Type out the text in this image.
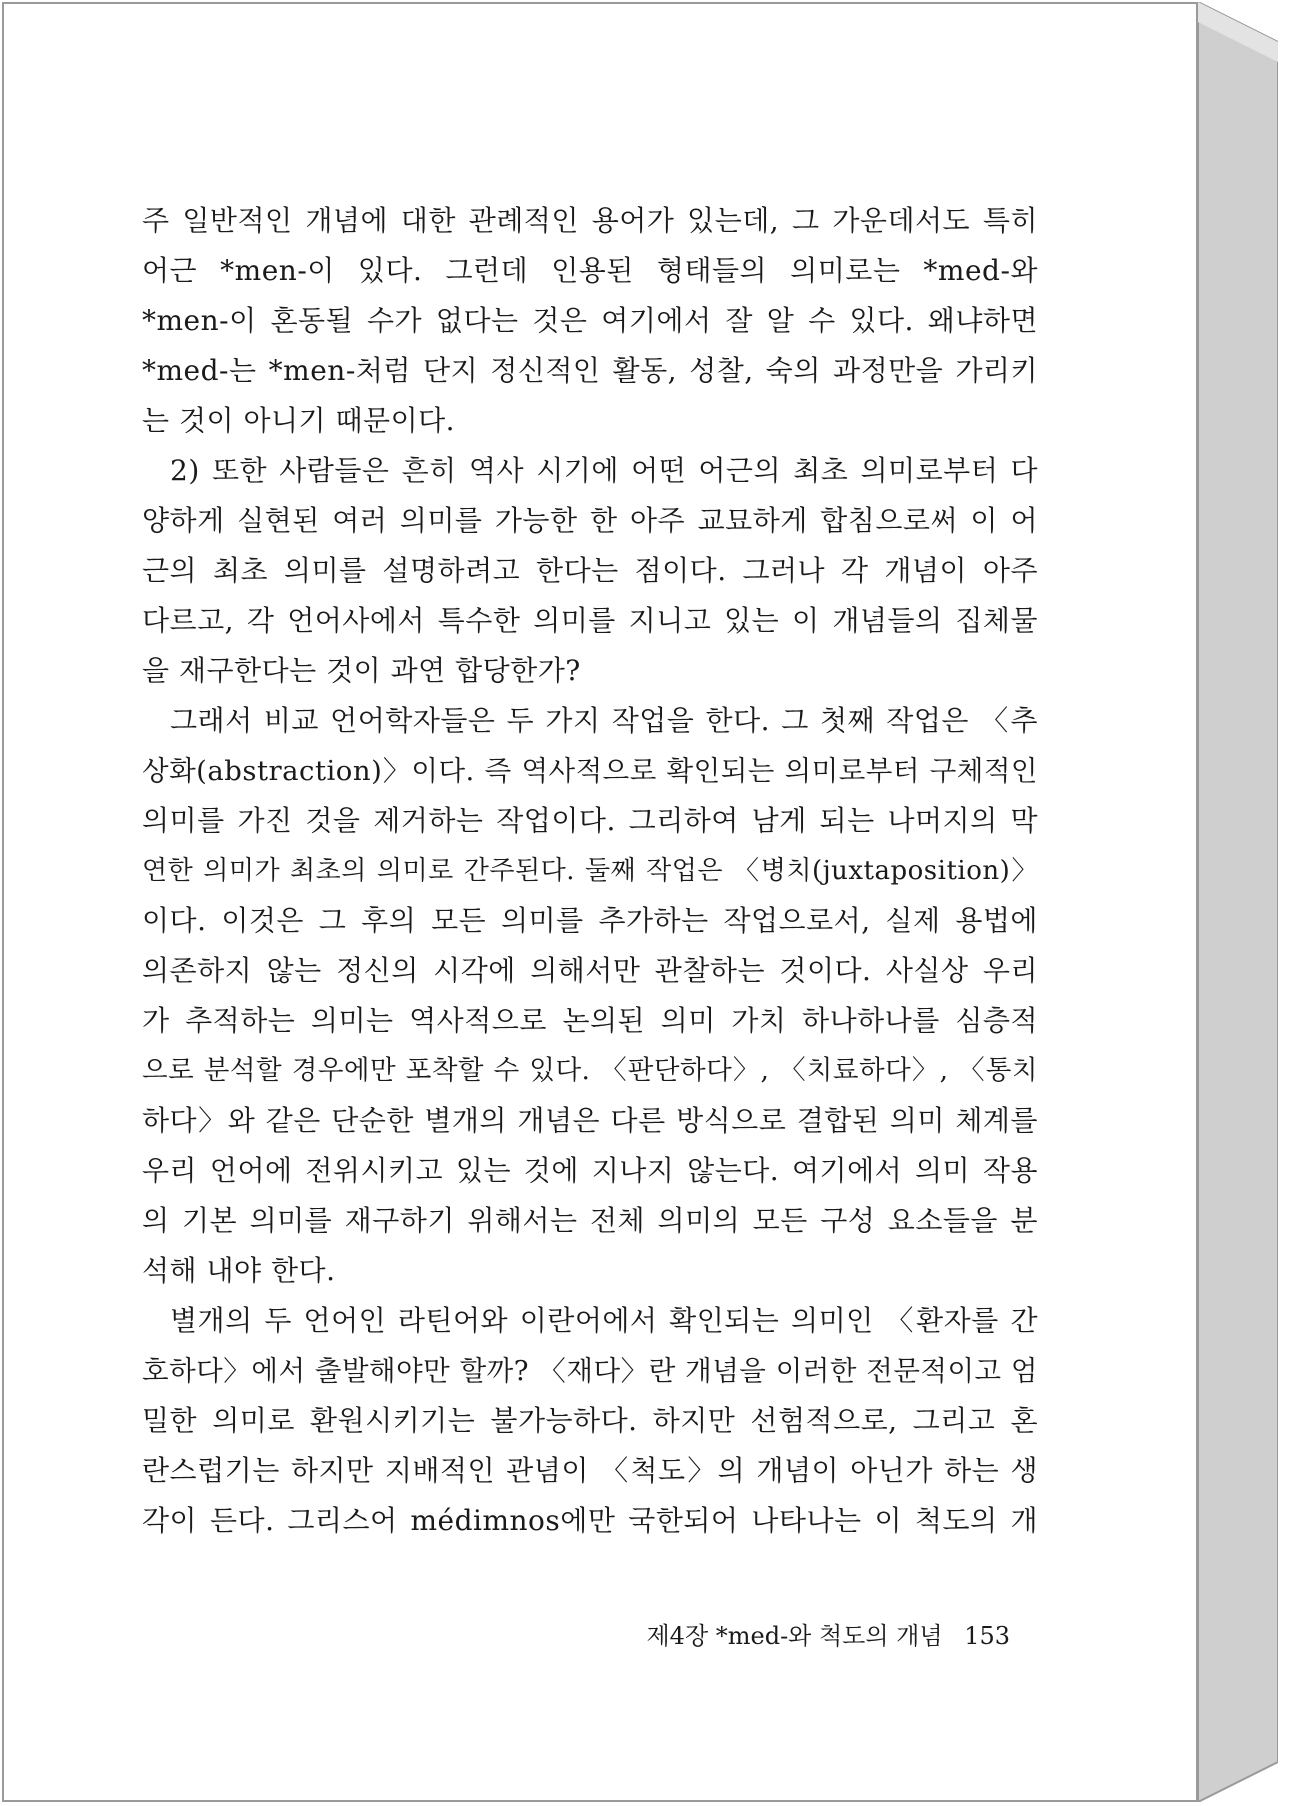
주 일반적인 개념에 대한 관례적인 용어가 있는데, 그 가운데서도 특히
어근 *men-이 있다. 그런데 인용된 형태들의 의미로는 *med-와
*men-이 혼동될 수가 없다는 것은 여기에서 잘 알 수 있다. 왜냐하면
*med-는 *men-처럼 단지 정신적인 활동, 성찰, 숙의 과정만을 가리키
는 것이 아니기 때문이다.
2) 또한 사람들은 흔히 역사 시기에 어떤 어근의 최초 의미로부터 다
양하게 실현된 여러 의미를 가능한 한 아주 교묘하게 합침으로써 이 어
근의 최초 의미를 설명하려고 한다는 점이다. 그러나 각 개념이 아주
다르고, 각 언어사에서 특수한 의미를 지니고 있는 이 개념들의 집체물
을 재구한다는 것이 과연 합당한가?
그래서 비교 언어학자들은 두 가지 작업을 한다. 그 첫째 작업은 〈추
상화(abstraction)〉이다. 즉 역사적으로 확인되는 의미로부터 구체적인
의미를 가진 것을 제거하는 작업이다. 그리하여 남게 되는 나머지의 막
연한 의미가 최초의 의미로 간주된다. 둘째 작업은 〈병치(juxtaposition)〉
이다. 이것은 그 후의 모든 의미를 추가하는 작업으로서, 실제 용법에
의존하지 않는 정신의 시각에 의해서만 관찰하는 것이다. 사실상 우리
가 추적하는 의미는 역사적으로 논의된 의미 가치 하나하나를 심층적
으로 분석할 경우에만 포착할 수 있다. 〈판단하다〉, 〈치료하다〉, 〈통치
하다〉와 같은 단순한 별개의 개념은 다른 방식으로 결합된 의미 체계를
우리 언어에 전위시키고 있는 것에 지나지 않는다. 여기에서 의미 작용
의 기본 의미를 재구하기 위해서는 전체 의미의 모든 구성 요소들을 분
석해 내야 한다.
별개의 두 언어인 라틴어와 이란어에서 확인되는 의미인 〈환자를 간
호하다〉에서 출발해야만 할까? 〈재다〉란 개념을 이러한 전문적이고 엄
밀한 의미로 환원시키기는 불가능하다. 하지만 선험적으로, 그리고 혼
란스럽기는 하지만 지배적인 관념이 〈척도〉의 개념이 아닌가 하는 생
각이 든다. 그리스어 médimnos에만 국한되어 나타나는 이 척도의 개
제4장 *med-와 척도의 개념 153
